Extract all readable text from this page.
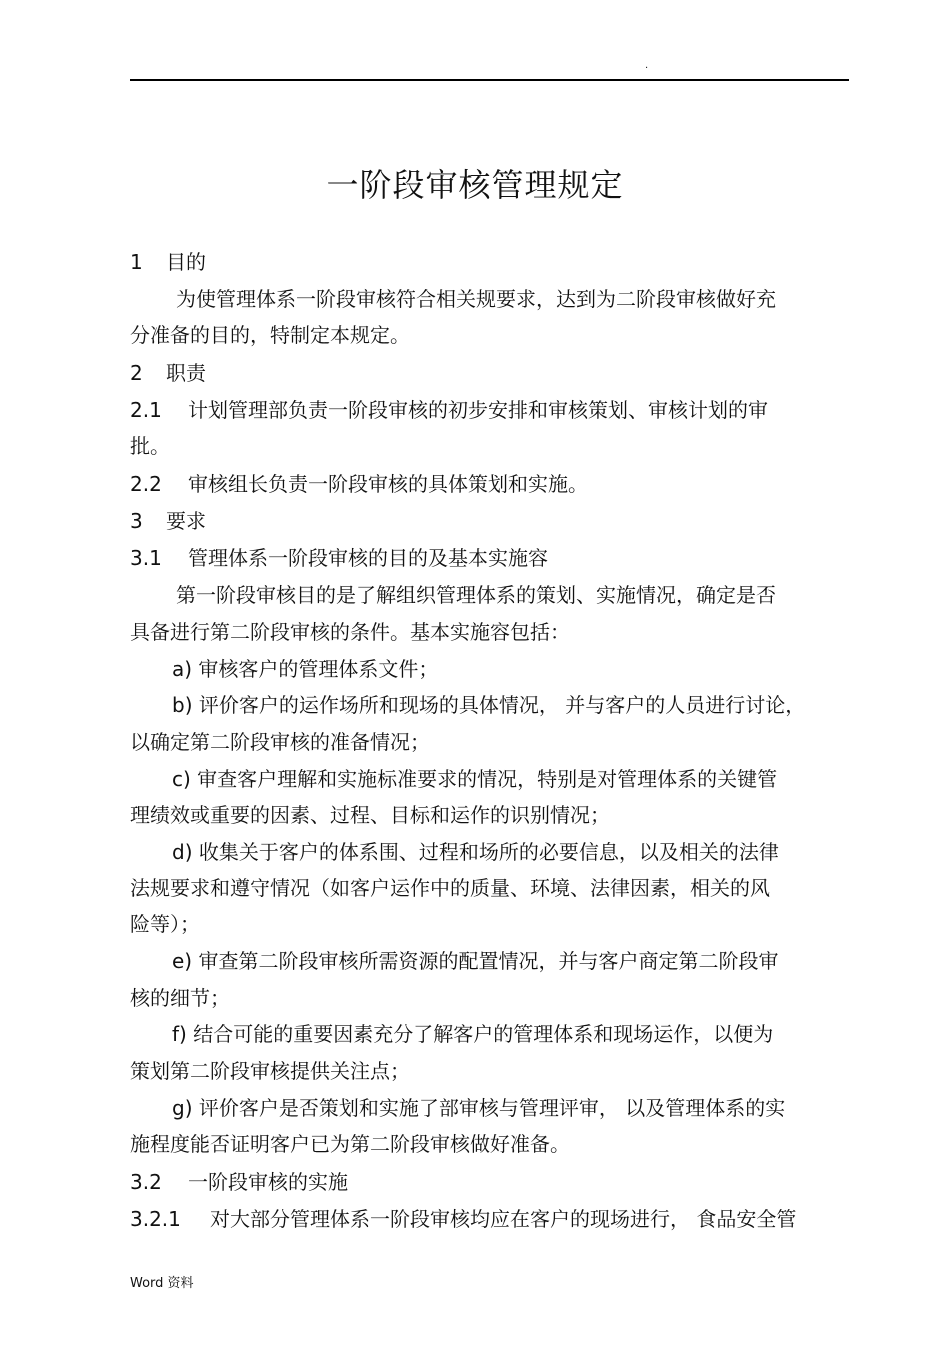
.
一阶段审核管理规定
1 目的
为使管理体系一阶段审核符合相关规要求，达到为二阶段审核做好充
分准备的目的，特制定本规定。
2 职责
2.1 计划管理部负责一阶段审核的初步安排和审核策划、审核计划的审
批。
2.2 审核组长负责一阶段审核的具体策划和实施。
3 要求
3.1 管理体系一阶段审核的目的及基本实施容
第一阶段审核目的是了解组织管理体系的策划、实施情况，确定是否
具备进行第二阶段审核的条件。基本实施容包括：
a) 审核客户的管理体系文件；
b) 评价客户的运作场所和现场的具体情况， 并与客户的人员进行讨论，
以确定第二阶段审核的准备情况；
c) 审查客户理解和实施标准要求的情况，特别是对管理体系的关键管
理绩效或重要的因素、过程、目标和运作的识别情况；
d) 收集关于客户的体系围、过程和场所的必要信息，以及相关的法律
法规要求和遵守情况（如客户运作中的质量、环境、法律因素，相关的风
险等）；
e) 审查第二阶段审核所需资源的配置情况，并与客户商定第二阶段审
核的细节；
f) 结合可能的重要因素充分了解客户的管理体系和现场运作，以便为
策划第二阶段审核提供关注点；
g) 评价客户是否策划和实施了部审核与管理评审， 以及管理体系的实
施程度能否证明客户已为第二阶段审核做好准备。
3.2 一阶段审核的实施
3.2.1 对大部分管理体系一阶段审核均应在客户的现场进行， 食品安全管
Word 资料
